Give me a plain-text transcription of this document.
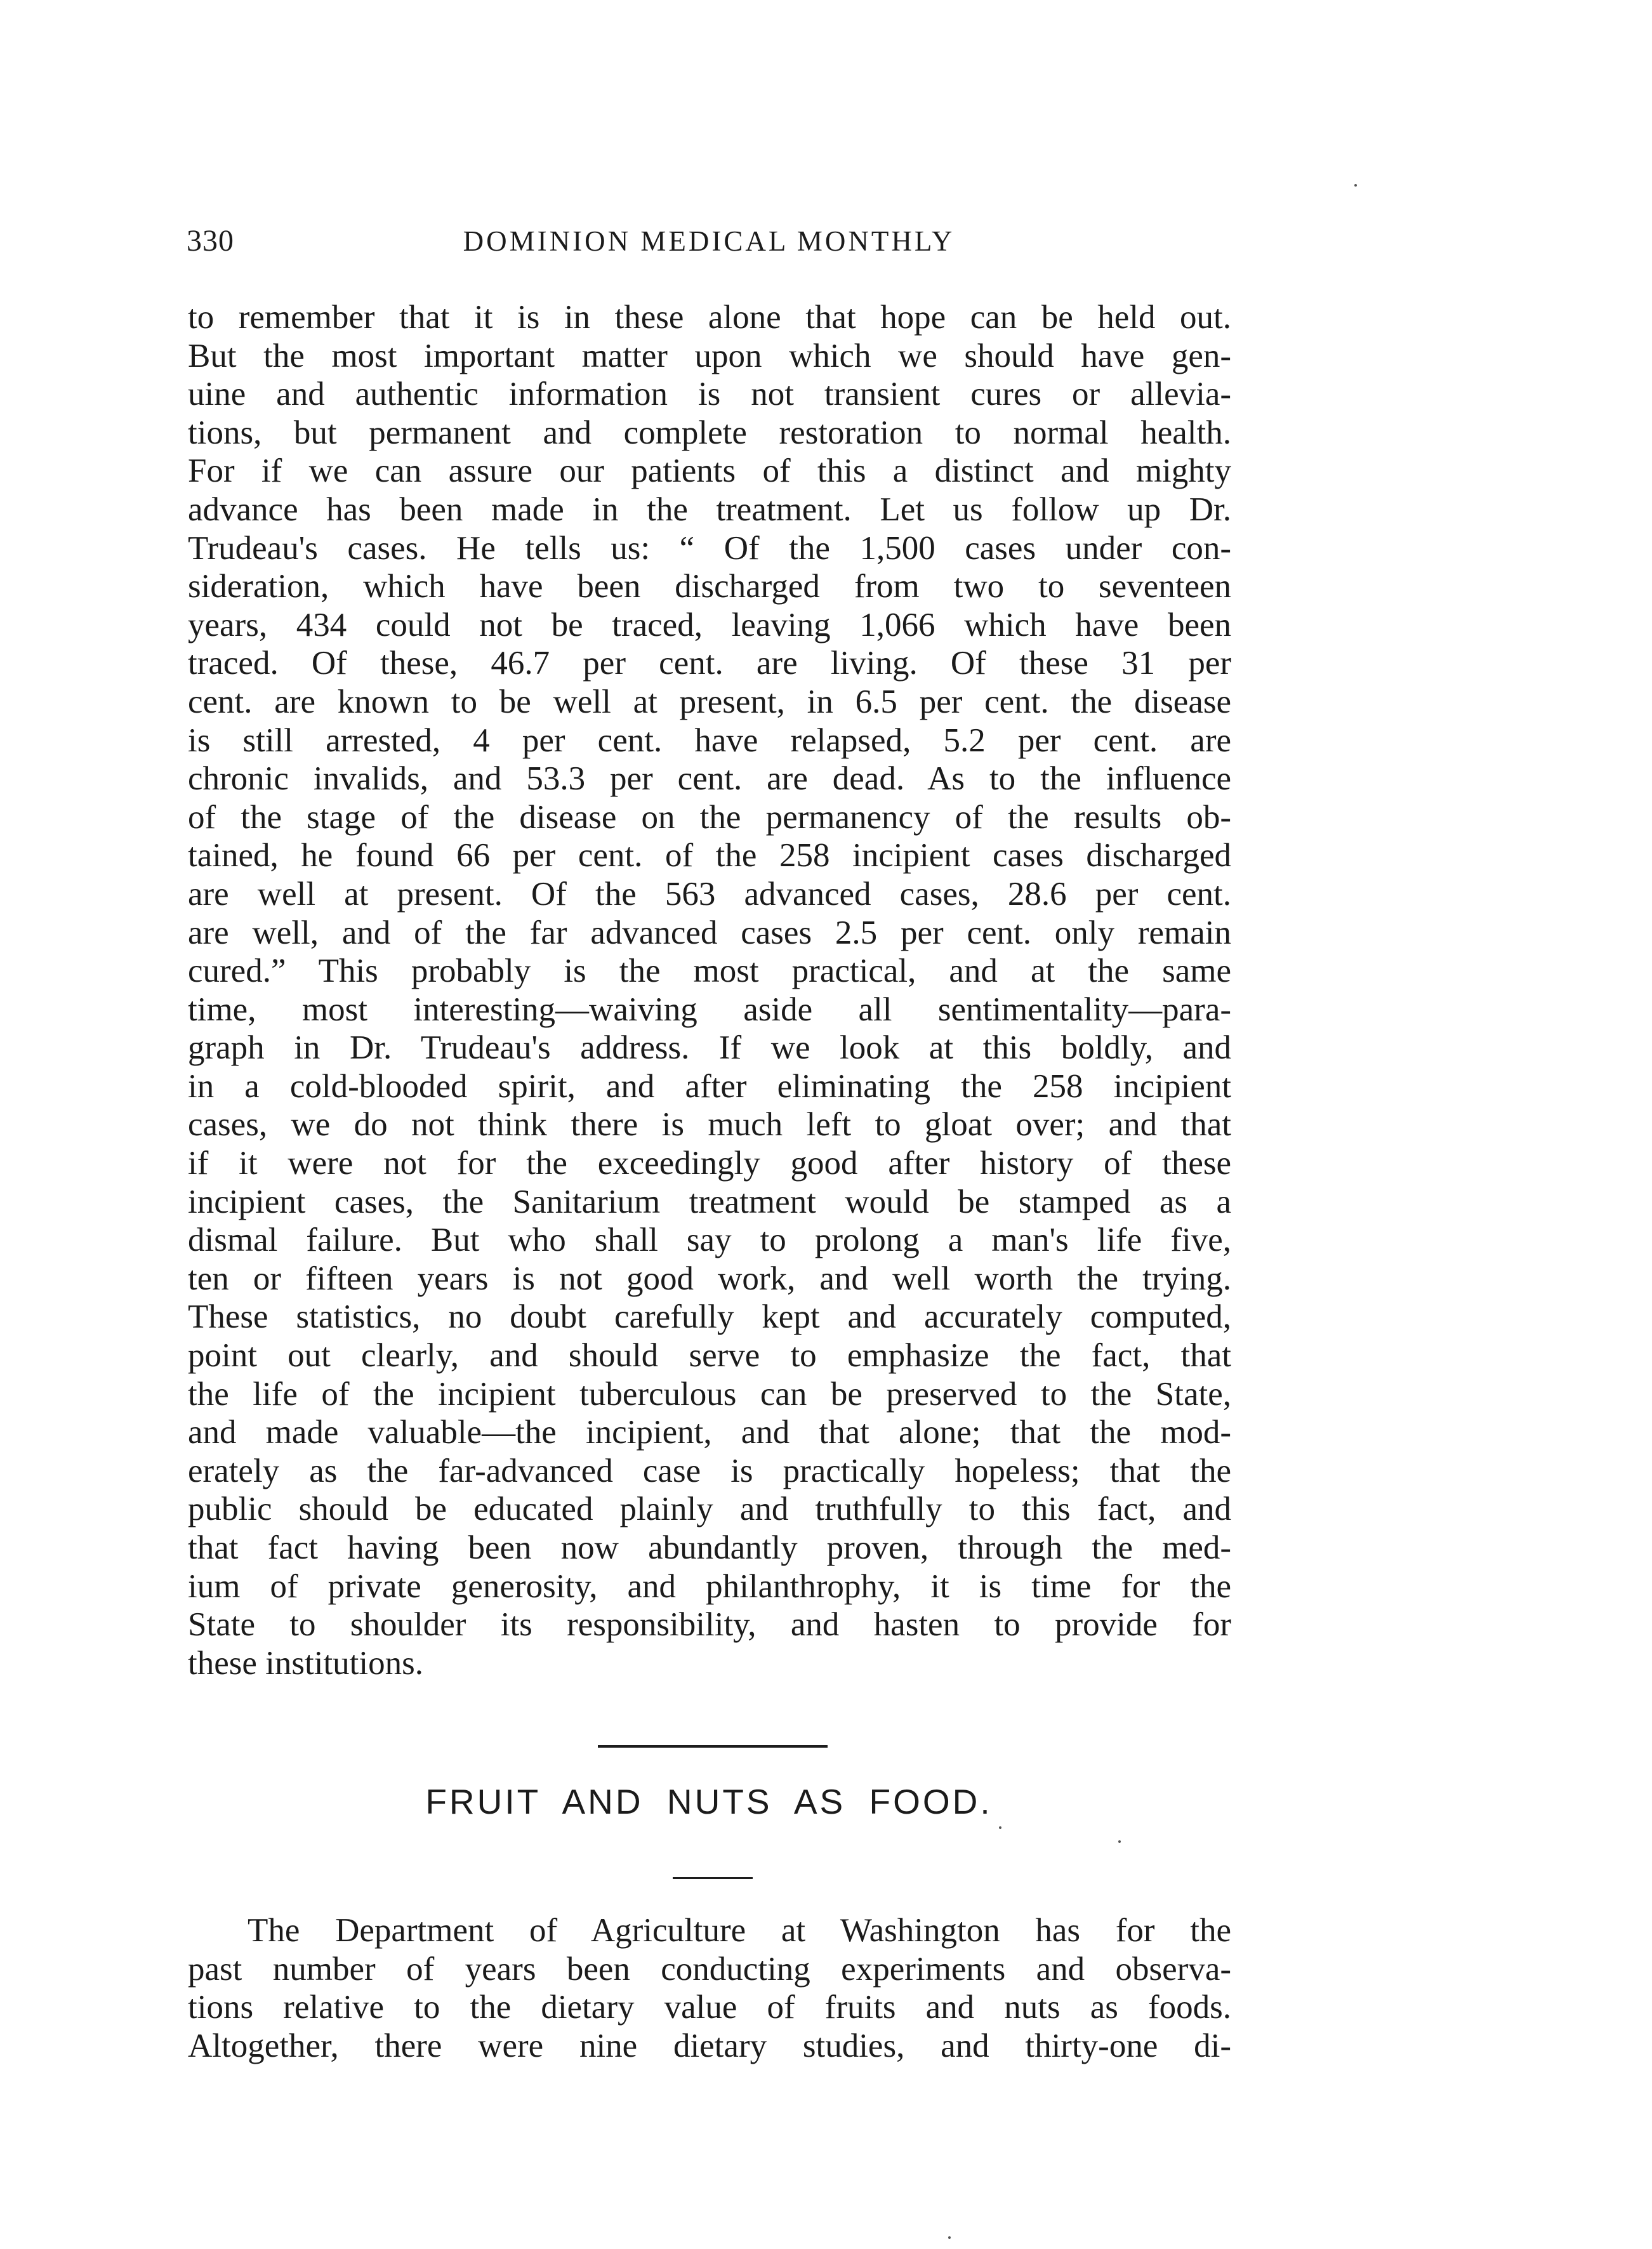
330	DOMINION MEDICAL MONTHLY

to remember that it is in these alone that hope can be held out.
But the most important matter upon which we should have gen-
uine and authentic information is not transient cures or allevia-
tions, but permanent and complete restoration to normal health.
For if we can assure our patients of this a distinct and mighty
advance has been made in the treatment. Let us follow up Dr.
Trudeau's cases. He tells us: “ Of the 1,500 cases under con-
sideration, which have been discharged from two to seventeen
years, 434 could not be traced, leaving 1,066 which have been
traced. Of these, 46.7 per cent. are living. Of these 31 per
cent. are known to be well at present, in 6.5 per cent. the disease
is still arrested, 4 per cent. have relapsed, 5.2 per cent. are
chronic invalids, and 53.3 per cent. are dead. As to the influence
of the stage of the disease on the permanency of the results ob-
tained, he found 66 per cent. of the 258 incipient cases discharged
are well at present. Of the 563 advanced cases, 28.6 per cent.
are well, and of the far advanced cases 2.5 per cent. only remain
cured.” This probably is the most practical, and at the same
time, most interesting—waiving aside all sentimentality—para-
graph in Dr. Trudeau's address. If we look at this boldly, and
in a cold-blooded spirit, and after eliminating the 258 incipient
cases, we do not think there is much left to gloat over; and that
if it were not for the exceedingly good after history of these
incipient cases, the Sanitarium treatment would be stamped as a
dismal failure. But who shall say to prolong a man's life five,
ten or fifteen years is not good work, and well worth the trying.
These statistics, no doubt carefully kept and accurately computed,
point out clearly, and should serve to emphasize the fact, that
the life of the incipient tuberculous can be preserved to the State,
and made valuable—the incipient, and that alone; that the mod-
erately as the far-advanced case is practically hopeless; that the
public should be educated plainly and truthfully to this fact, and
that fact having been now abundantly proven, through the med-
ium of private generosity, and philanthrophy, it is time for the
State to shoulder its responsibility, and hasten to provide for
these institutions.

FRUIT AND NUTS AS FOOD.

The Department of Agriculture at Washington has for the
past number of years been conducting experiments and observa-
tions relative to the dietary value of fruits and nuts as foods.
Altogether, there were nine dietary studies, and thirty-one di-
